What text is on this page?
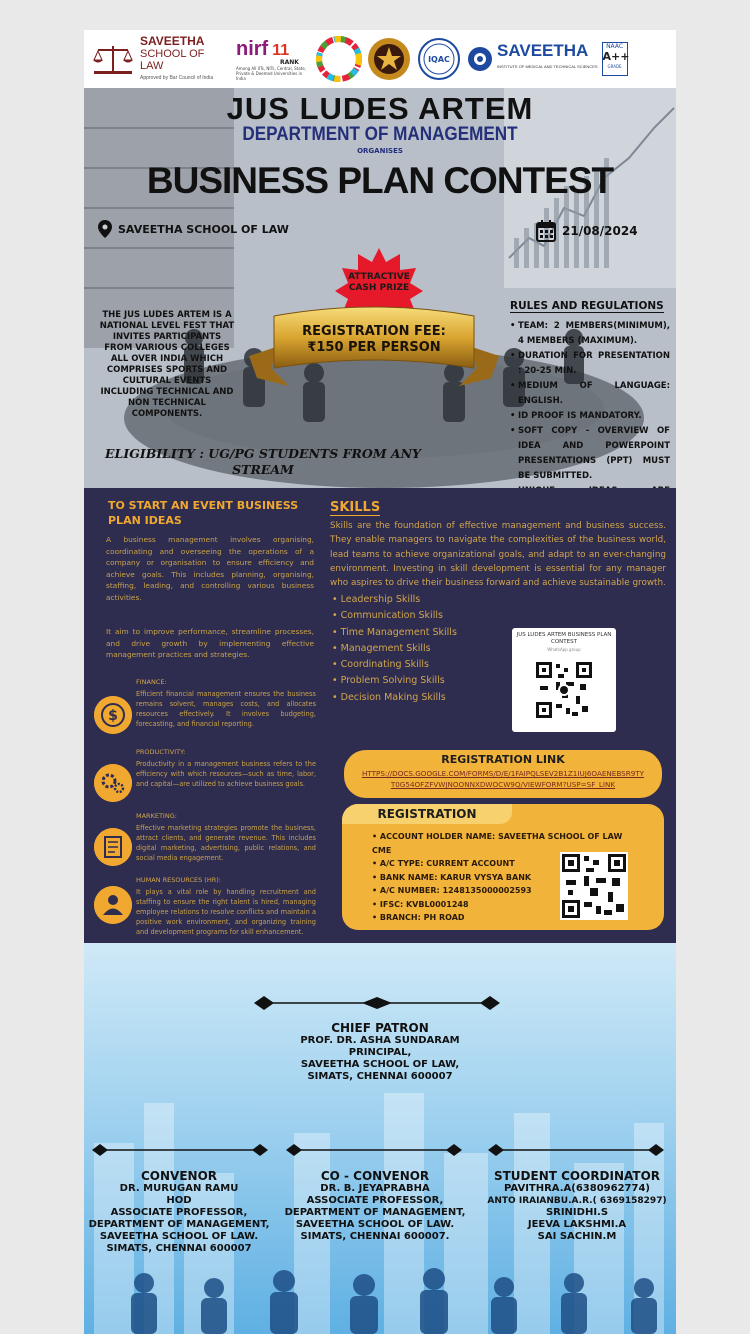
SAVEETHA
SCHOOL OF LAW
Approved by Bar Council of India
nirf 11
RANK
Among All IITs, NITs, Central, State, Private & Deemed Universities in India
IQAC	SAVEETHA
INSTITUTE OF MEDICAL AND TECHNICAL SCIENCES
NAAC
A++
GRADE
JUS LUDES ARTEM
DEPARTMENT OF MANAGEMENT
ORGANISES
BUSINESS PLAN CONTEST
SAVEETHA SCHOOL OF LAW	21/08/2024
ATTRACTIVE CASH PRIZE
THE JUS LUDES ARTEM IS A NATIONAL LEVEL FEST THAT INVITES PARTICIPANTS FROM VARIOUS COLLEGES ALL OVER INDIA WHICH COMPRISES SPORTS AND CULTURAL EVENTS INCLUDING TECHNICAL AND NON TECHNICAL COMPONENTS.
REGISTRATION FEE:
₹150 PER PERSON
RULES AND REGULATIONS
• TEAM: 2 MEMBERS(MINIMUM), 4 MEMBERS (MAXIMUM).
• DURATION FOR PRESENTATION : 20-25 MIN.
• MEDIUM OF LANGUAGE: ENGLISH.
• ID PROOF IS MANDATORY.
• SOFT COPY - OVERVIEW OF IDEA AND POWERPOINT PRESENTATIONS (PPT) MUST BE SUBMITTED.
•
ELIGIBILITY : UG/PG STUDENTS FROM ANY STREAM
TO START AN EVENT BUSINESS PLAN IDEAS
A business management involves organising, coordinating and overseeing the operations of a company or organisation to ensure efficiency and achieve goals. This includes planning, organising, staffing, leading, and controlling various business activities.
It aim to improve performance, streamline processes, and drive growth by implementing effective management practices and strategies.
$
FINANCE:
Efficient financial management ensures the business remains solvent, manages costs, and allocates resources effectively. It involves budgeting, forecasting, and financial reporting.
PRODUCTIVITY:
Productivity in a management business refers to the efficiency with which resources—such as time, labor, and capital—are utilized to achieve business goals.
MARKETING:
Effective marketing strategies promote the business, attract clients, and generate revenue. This includes digital marketing, advertising, public relations, and social media engagement.
HUMAN RESOURCES (HR):
It plays a vital role by handling recruitment and staffing to ensure the right talent is hired, managing employee relations to resolve conflicts and maintain a positive work environment, and organizing training and development programs for skill enhancement.
SKILLS
Skills are the foundation of effective management and business success. They enable managers to navigate the complexities of the business world, lead teams to achieve organizational goals, and adapt to an ever-changing environment. Investing in skill development is essential for any manager who aspires to drive their business forward and achieve sustainable growth.
• Leadership Skills
• Communication Skills
• Time Management Skills
• Management Skills
• Coordinating Skills
• Problem Solving Skills
• Decision Making Skills
JUS LUDES ARTEM BUSINESS PLAN CONTEST
WhatsApp group
REGISTRATION LINK

HTTPS://DOCS.GOOGLE.COM/FORMS/D/E/1FAIPQLSEV2B1Z1IUJ6OAENEBSR9TY
T0G54OFZFVWJNOONNXDWOCW9Q/VIEWFORM?USP=SF_LINK

REGISTRATION
• ACCOUNT HOLDER NAME: SAVEETHA SCHOOL OF LAW CME
• A/C TYPE: CURRENT ACCOUNT
• BANK NAME: KARUR VYSYA BANK
• A/C NUMBER: 1248135000002593
• IFSC: KVBL0001248
• BRANCH: PH ROAD
CHIEF PATRON

PROF. DR. ASHA SUNDARAM

PRINCIPAL,

SAVEETHA SCHOOL OF LAW,

SIMATS, CHENNAI 600007

CONVENOR

DR. MURUGAN RAMU

HOD

ASSOCIATE PROFESSOR,

DEPARTMENT OF MANAGEMENT,

SAVEETHA SCHOOL OF LAW.

SIMATS, CHENNAI 600007

CO - CONVENOR

DR. B. JEYAPRABHA

ASSOCIATE PROFESSOR,

DEPARTMENT OF MANAGEMENT,

SAVEETHA SCHOOL OF LAW.

SIMATS, CHENNAI 600007.

STUDENT COORDINATOR

PAVITHRA.A(6380962774)

ANTO IRAIANBU.A.R.( 6369158297)

SRINIDHI.S

JEEVA LAKSHMI.A

SAI SACHIN.M
